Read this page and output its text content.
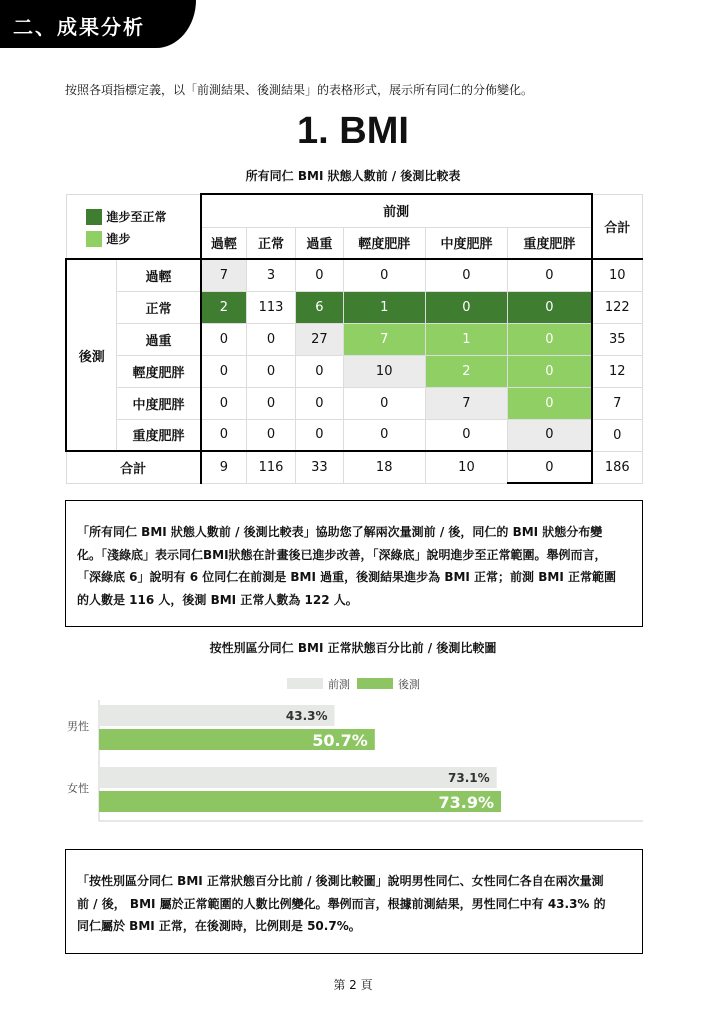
二、成果分析
按照各項指標定義，以「前測結果、後測結果」的表格形式，展示所有同仁的分佈變化。
1. BMI
所有同仁 BMI 狀態人數前 / 後測比較表
進步至正常
進步		前測						合計
		過輕	正常	過重	輕度肥胖	中度肥胖	重度肥胖	
後測	過輕	7	3	0	0	0	0	10
	正常	2	113	6	1	0	0	122
	過重	0	0	27	7	1	0	35
	輕度肥胖	0	0	0	10	2	0	12
	中度肥胖	0	0	0	0	7	0	7
	重度肥胖	0	0	0	0	0	0	0
合計		9	116	33	18	10	0	186
「所有同仁 BMI 狀態人數前 / 後測比較表」協助您了解兩次量測前 / 後，同仁的 BMI 狀態分布變
化。「淺綠底」表示同仁BMI狀態在計畫後已進步改善，「深綠底」說明進步至正常範圍。舉例而言，
「深綠底 6」說明有 6 位同仁在前測是 BMI 過重，後測結果進步為 BMI 正常；前測 BMI 正常範圍
的人數是 116 人，後測 BMI 正常人數為 122 人。
按性別區分同仁 BMI 正常狀態百分比前 / 後測比較圖
前測	後測
男性
43.3%
50.7%
女性
73.1%
73.9%
「按性別區分同仁 BMI 正常狀態百分比前 / 後測比較圖」說明男性同仁、女性同仁各自在兩次量測
前 / 後， BMI 屬於正常範圍的人數比例變化。舉例而言，根據前測結果，男性同仁中有 43.3% 的
同仁屬於 BMI 正常，在後測時，比例則是 50.7%。
第 2 頁
